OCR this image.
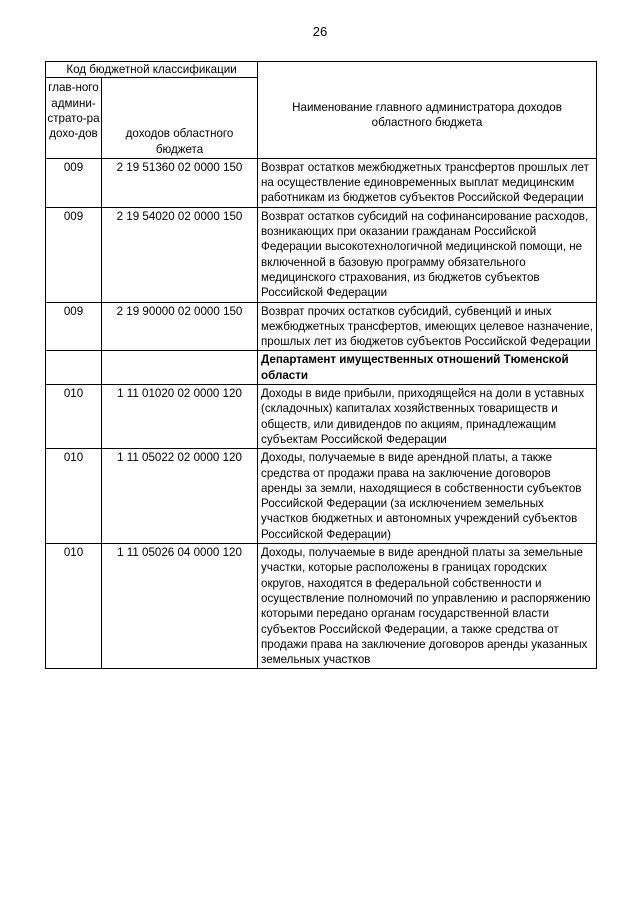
26
Код бюджетной классификации		Наименование главного администратора доходов областного бюджета
глав-ного админи-страто-ра дохо-дов	доходов областного бюджета	
009	2 19 51360 02 0000 150	Возврат остатков межбюджетных трансфертов прошлых лет на осуществление единовременных выплат медицинским работникам из бюджетов субъектов Российской Федерации
009	2 19 54020 02 0000 150	Возврат остатков субсидий на софинансирование расходов, возникающих при оказании гражданам Российской Федерации высокотехнологичной медицинской помощи, не включенной в базовую программу обязательного медицинского страхования, из бюджетов субъектов Российской Федерации
009	2 19 90000 02 0000 150	Возврат прочих остатков субсидий, субвенций и иных межбюджетных трансфертов, имеющих целевое назначение, прошлых лет из бюджетов субъектов Российской Федерации
		Департамент имущественных отношений Тюменской области
010	1 11 01020 02 0000 120	Доходы в виде прибыли, приходящейся на доли в уставных (складочных) капиталах хозяйственных товариществ и обществ, или дивидендов по акциям, принадлежащим субъектам Российской Федерации
010	1 11 05022 02 0000 120	Доходы, получаемые в виде арендной платы, а также средства от продажи права на заключение договоров аренды за земли, находящиеся в собственности субъектов Российской Федерации (за исключением земельных участков бюджетных и автономных учреждений субъектов Российской Федерации)
010	1 11 05026 04 0000 120	Доходы, получаемые в виде арендной платы за земельные участки, которые расположены в границах городских округов, находятся в федеральной собственности и осуществление полномочий по управлению и распоряжению которыми передано органам государственной власти субъектов Российской Федерации, а также средства от продажи права на заключение договоров аренды указанных земельных участков
